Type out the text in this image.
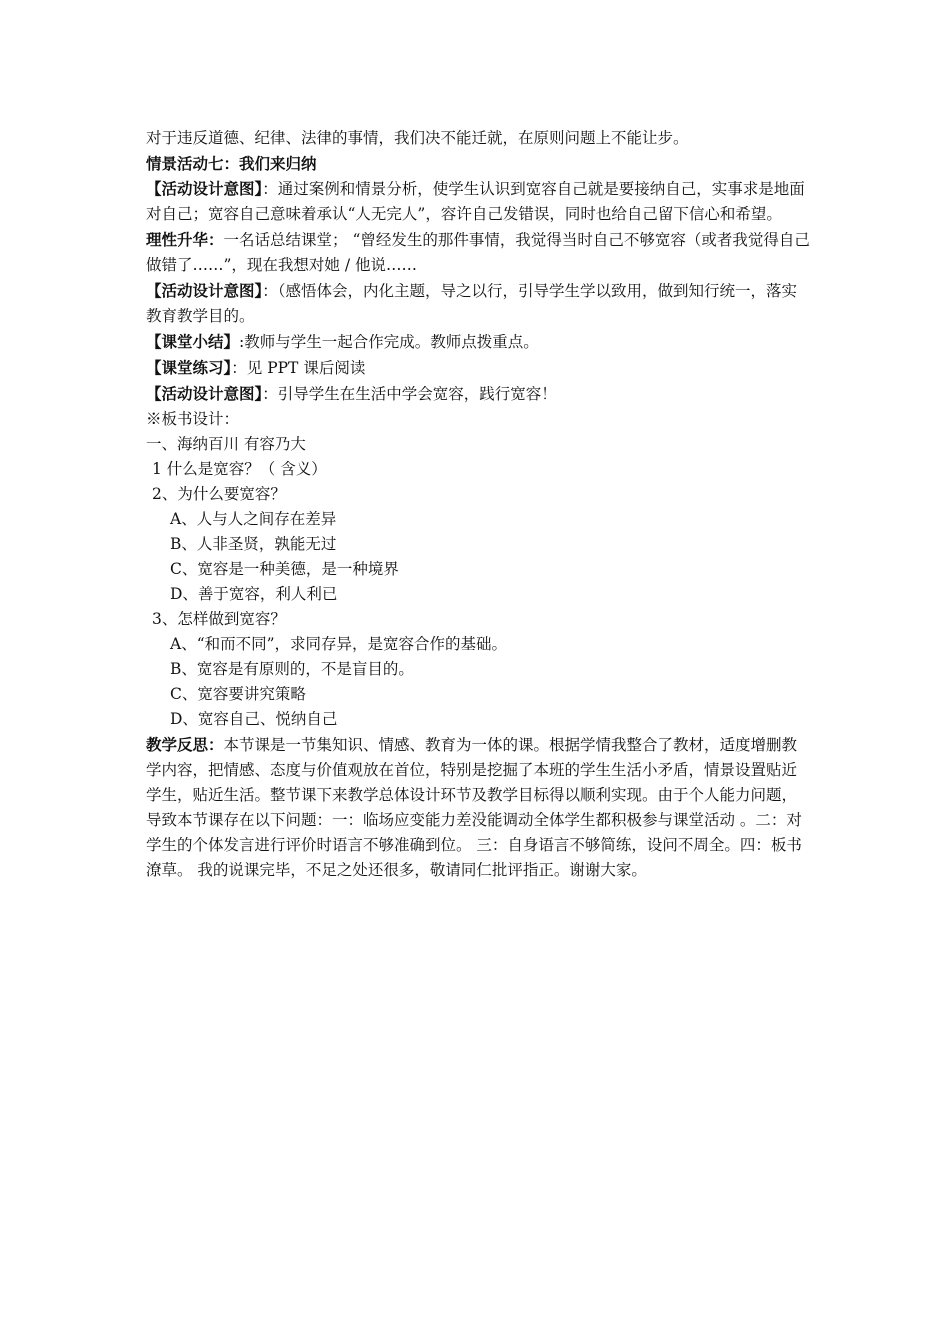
对于违反道德、纪律、法律的事情，我们决不能迁就，在原则问题上不能让步。

情景活动七：我们来归纳

【活动设计意图】：通过案例和情景分析，使学生认识到宽容自己就是要接纳自己，实事求是地面对自己；宽容自己意味着承认“人无完人”，容许自己发错误，同时也给自己留下信心和希望。

理性升华：一名话总结课堂； “曾经发生的那件事情，我觉得当时自己不够宽容（或者我觉得自己做错了……”，现在我想对她 / 他说……

【活动设计意图】：（感悟体会，内化主题，导之以行，引导学生学以致用，做到知行统一，落实教育教学目的。

【课堂小结】:教师与学生一起合作完成。教师点拨重点。

【课堂练习】：见 PPT 课后阅读

【活动设计意图】：引导学生在生活中学会宽容，践行宽容！

※板书设计：

一、海纳百川 有容乃大

1 什么是宽容？（ 含义）

2、为什么要宽容？

A、人与人之间存在差异

B、人非圣贤，孰能无过

C、宽容是一种美德，是一种境界

D、善于宽容，利人利已

3、怎样做到宽容？

A、“和而不同”，求同存异，是宽容合作的基础。

B、宽容是有原则的，不是盲目的。

C、宽容要讲究策略

D、宽容自己、悦纳自己

教学反思：本节课是一节集知识、情感、教育为一体的课。根据学情我整合了教材，适度增删教学内容，把情感、态度与价值观放在首位，特别是挖掘了本班的学生生活小矛盾，情景设置贴近学生，贴近生活。整节课下来教学总体设计环节及教学目标得以顺利实现。由于个人能力问题，导致本节课存在以下问题：一：临场应变能力差没能调动全体学生都积极参与课堂活动 。二：对学生的个体发言进行评价时语言不够准确到位。 三：自身语言不够简练，设问不周全。四：板书潦草。 我的说课完毕，不足之处还很多，敬请同仁批评指正。谢谢大家。
